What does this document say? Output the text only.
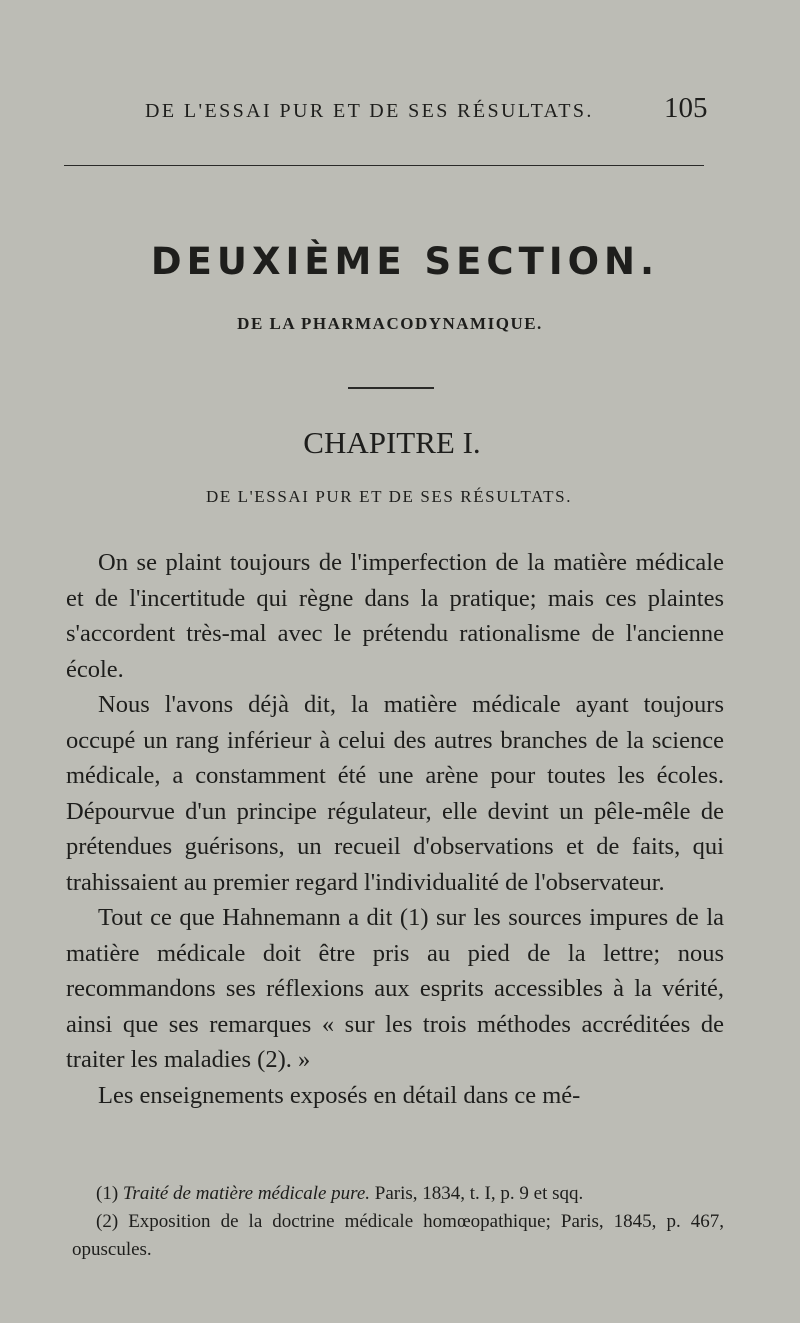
DE L'ESSAI PUR ET DE SES RÉSULTATS. 105
DEUXIÈME SECTION.
DE LA PHARMACODYNAMIQUE.
CHAPITRE I.
DE L'ESSAI PUR ET DE SES RÉSULTATS.

On se plaint toujours de l'imperfection de la matière médicale et de l'incertitude qui règne dans la pratique; mais ces plaintes s'accordent très-mal avec le prétendu rationalisme de l'ancienne école.

Nous l'avons déjà dit, la matière médicale ayant toujours occupé un rang inférieur à celui des autres branches de la science médicale, a constamment été une arène pour toutes les écoles. Dépourvue d'un principe régulateur, elle devint un pêle-mêle de prétendues guérisons, un recueil d'observations et de faits, qui trahissaient au premier regard l'individualité de l'observateur.

Tout ce que Hahnemann a dit (1) sur les sources impures de la matière médicale doit être pris au pied de la lettre; nous recommandons ses réflexions aux esprits accessibles à la vérité, ainsi que ses remarques « sur les trois méthodes accréditées de traiter les maladies (2). »

Les enseignements exposés en détail dans ce mé-

(1) Traité de matière médicale pure. Paris, 1834, t. I, p. 9 et sqq.

(2) Exposition de la doctrine médicale homœopathique; Paris, 1845, p. 467, opuscules.
